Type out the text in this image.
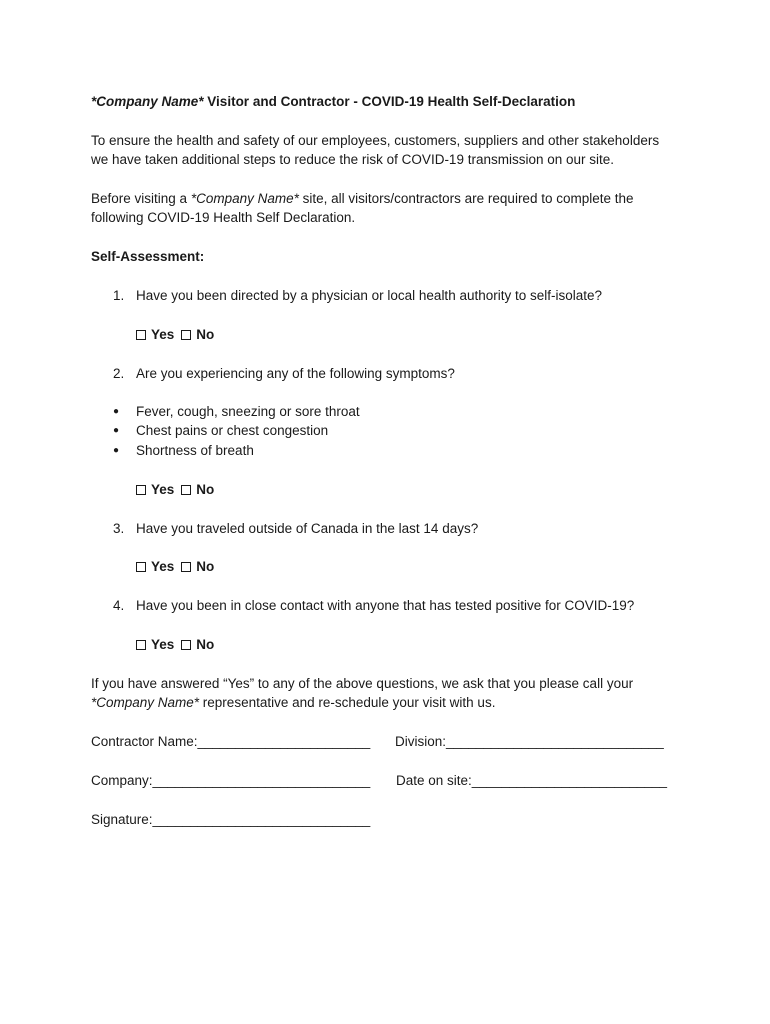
*Company Name* Visitor and Contractor - COVID-19 Health Self-Declaration
To ensure the health and safety of our employees, customers, suppliers and other stakeholders
we have taken additional steps to reduce the risk of COVID-19 transmission on our site.
Before visiting a *Company Name* site, all visitors/contractors are required to complete the
following COVID-19 Health Self Declaration.
Self-Assessment:
1. Have you been directed by a physician or local health authority to self-isolate?
Yes No
2. Are you experiencing any of the following symptoms?
● Fever, cough, sneezing or sore throat
● Chest pains or chest congestion
● Shortness of breath
Yes No
3. Have you traveled outside of Canada in the last 14 days?
Yes No
4. Have you been in close contact with anyone that has tested positive for COVID-19?
Yes No
If you have answered “Yes” to any of the above questions, we ask that you please call your
*Company Name* representative and re-schedule your visit with us.
Contractor Name:_______________________ Division:_____________________________
Company:_____________________________ Date on site:__________________________
Signature:_____________________________
